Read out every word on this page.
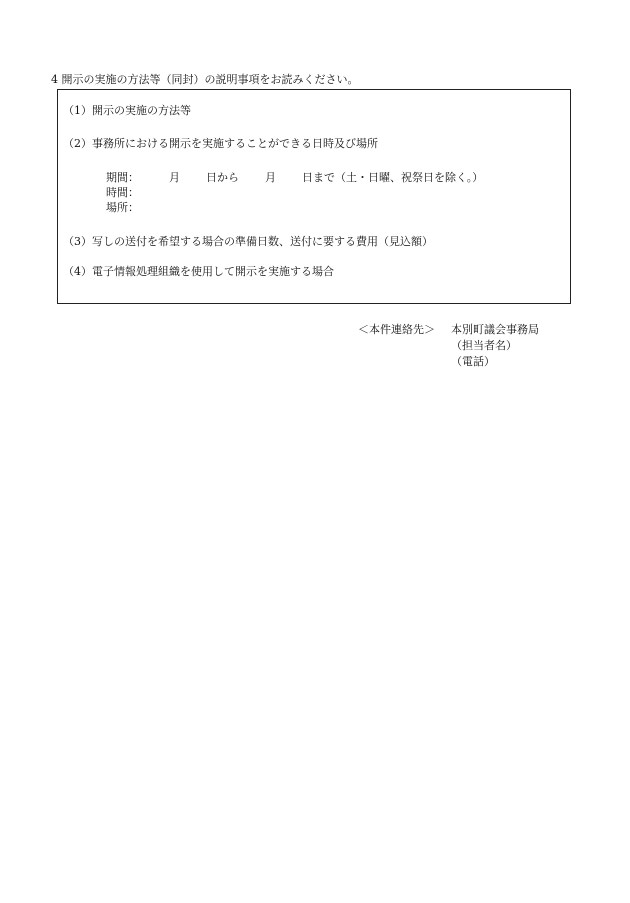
4 開示の実施の方法等（同封）の説明事項をお読みください。
（1）開示の実施の方法等
（2）事務所における開示を実施することができる日時及び場所
期間：	月 日から 月 日まで（土・日曜、祝祭日を除く。）
時間：
場所：
（3）写しの送付を希望する場合の準備日数、送付に要する費用（見込額）
（4）電子情報処理組織を使用して開示を実施する場合
＜本件連絡先＞ 本別町議会事務局
（担当者名）
（電話）
